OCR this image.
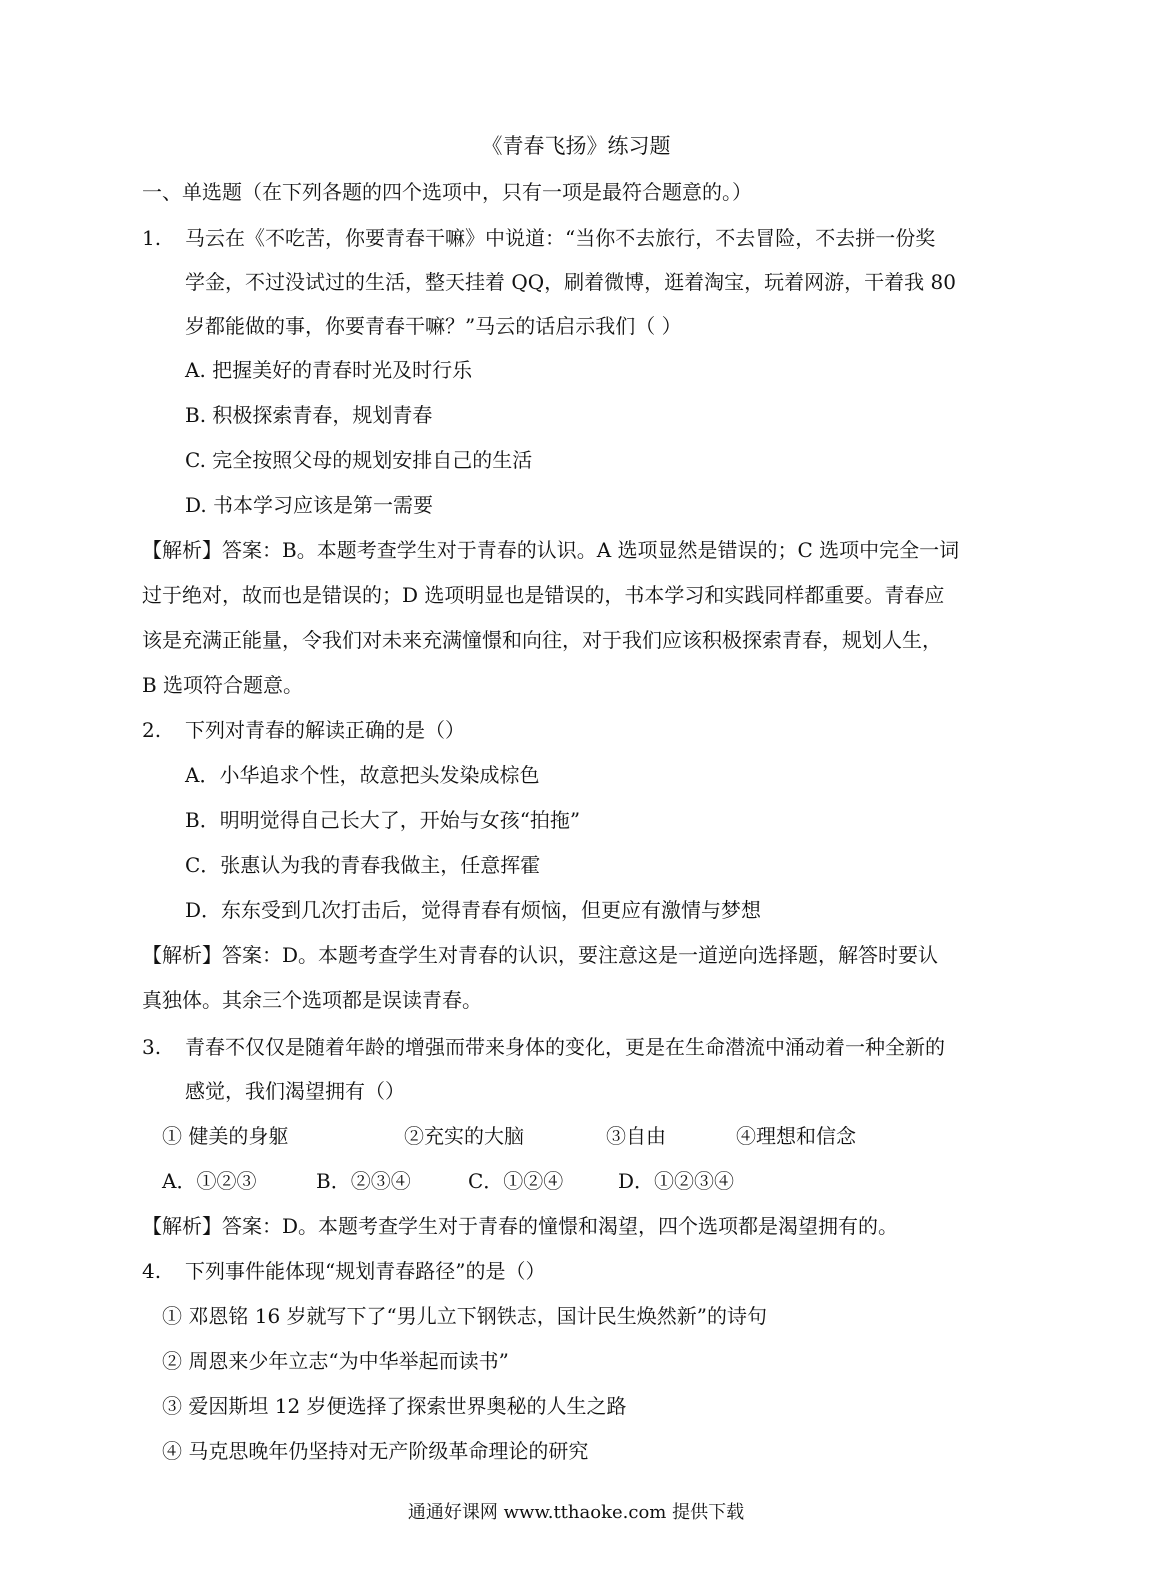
《青春飞扬》练习题
一、单选题（在下列各题的四个选项中，只有一项是最符合题意的。）
1. 马云在《不吃苦，你要青春干嘛》中说道：“当你不去旅行，不去冒险，不去拼一份奖
学金，不过没试过的生活，整天挂着 QQ，刷着微博，逛着淘宝，玩着网游，干着我 80
岁都能做的事，你要青春干嘛？”马云的话启示我们（ ）
A. 把握美好的青春时光及时行乐
B. 积极探索青春，规划青春
C. 完全按照父母的规划安排自己的生活
D. 书本学习应该是第一需要
【解析】答案：B。本题考查学生对于青春的认识。A 选项显然是错误的；C 选项中完全一词
过于绝对，故而也是错误的；D 选项明显也是错误的，书本学习和实践同样都重要。青春应
该是充满正能量，令我们对未来充满憧憬和向往，对于我们应该积极探索青春，规划人生，
B 选项符合题意。
2. 下列对青春的解读正确的是（）
A．小华追求个性，故意把头发染成棕色
B．明明觉得自己长大了，开始与女孩“拍拖”
C．张惠认为我的青春我做主，任意挥霍
D．东东受到几次打击后，觉得青春有烦恼，但更应有激情与梦想
【解析】答案：D。本题考查学生对青春的认识，要注意这是一道逆向选择题，解答时要认
真独体。其余三个选项都是误读青春。
3. 青春不仅仅是随着年龄的增强而带来身体的变化，更是在生命潜流中涌动着一种全新的
感觉，我们渴望拥有（）
① 健美的身躯	②充实的大脑	③自由	④理想和信念
A．①②③	B．②③④	C．①②④	D．①②③④
【解析】答案：D。本题考查学生对于青春的憧憬和渴望，四个选项都是渴望拥有的。
4. 下列事件能体现“规划青春路径”的是（）
① 邓恩铭 16 岁就写下了“男儿立下钢铁志，国计民生焕然新”的诗句
② 周恩来少年立志“为中华举起而读书”
③ 爱因斯坦 12 岁便选择了探索世界奥秘的人生之路
④ 马克思晚年仍坚持对无产阶级革命理论的研究
通通好课网 www.tthaoke.com 提供下载
